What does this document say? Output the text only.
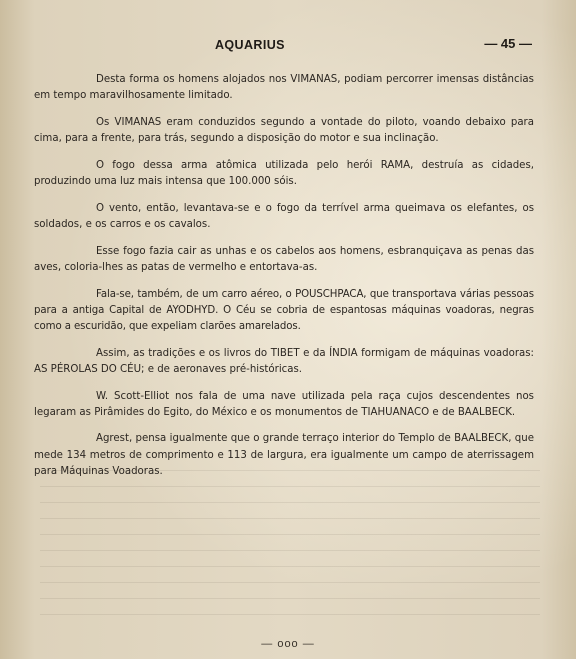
AQUARIUS	— 45 —

Desta forma os homens alojados nos VIMANAS, podiam percorrer imensas distâncias em tempo maravilhosamente limitado.

Os VIMANAS eram conduzidos segundo a vontade do piloto, voando debaixo para cima, para a frente, para trás, segundo a disposição do motor e sua inclinação.

O fogo dessa arma atômica utilizada pelo herói RAMA, destruía as cidades, produzindo uma luz mais intensa que 100.000 sóis.

O vento, então, levantava-se e o fogo da terrível arma queimava os elefantes, os soldados, e os carros e os cavalos.

Esse fogo fazia cair as unhas e os cabelos aos homens, esbranquiçava as penas das aves, coloria-lhes as patas de vermelho e entortava-as.

Fala-se, também, de um carro aéreo, o POUSCHPACA, que transportava várias pessoas para a antiga Capital de AYODHYD. O Céu se cobria de espantosas máquinas voadoras, negras como a escuridão, que expeliam clarões amarelados.

Assim, as tradições e os livros do TIBET e da ÍNDIA formigam de máquinas voadoras: AS PÉROLAS DO CÉU; e de aeronaves pré-históricas.

W. Scott-Elliot nos fala de uma nave utilizada pela raça cujos descendentes nos legaram as Pirâmides do Egito, do México e os monumentos de TIAHUANACO e de BAALBECK.

Agrest, pensa igualmente que o grande terraço interior do Templo de BAALBECK, que mede 134 metros de comprimento e 113 de largura, era igualmente um campo de aterrissagem para Máquinas Voadoras.

— ooo —
